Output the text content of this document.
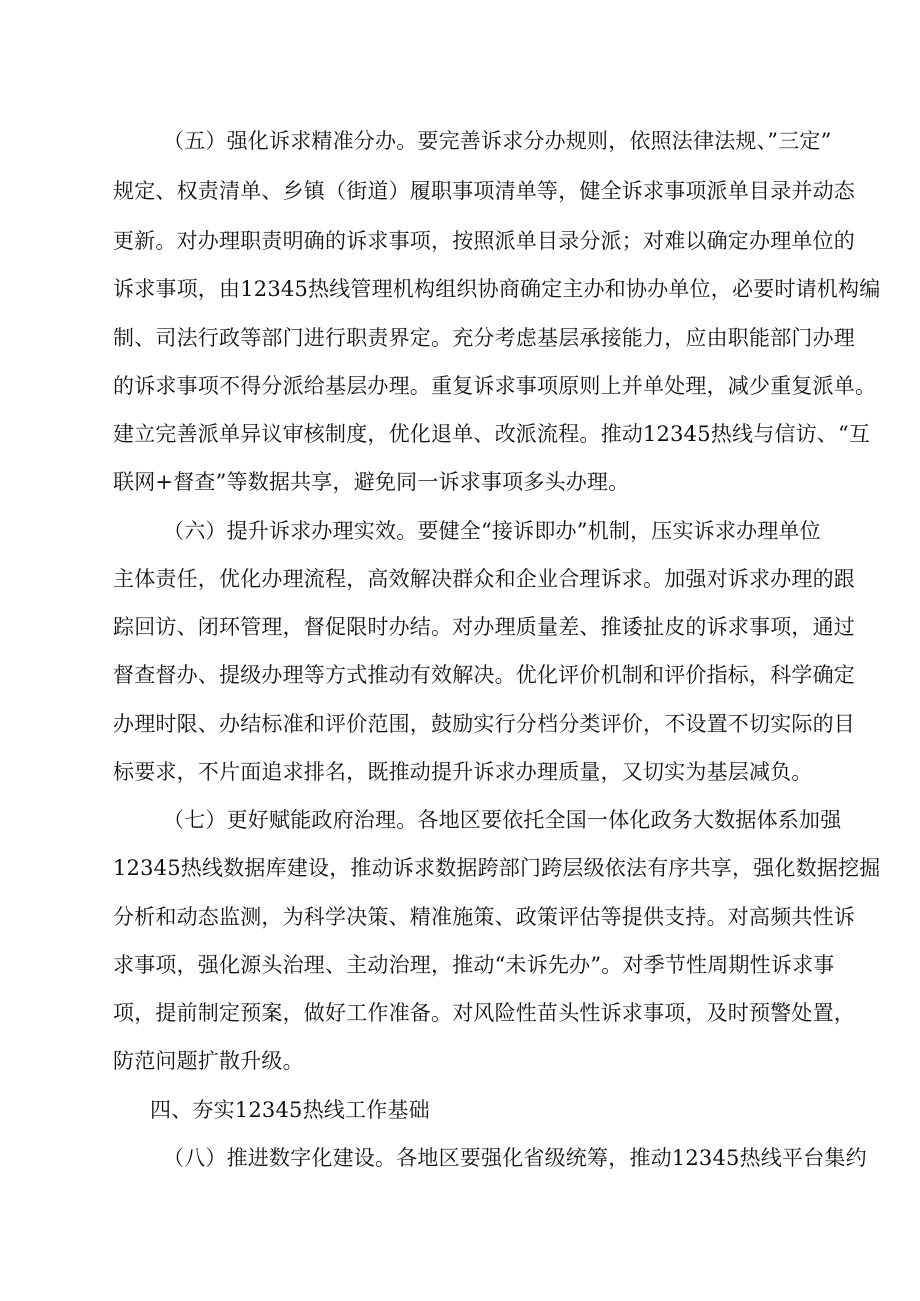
（五）强化诉求精准分办。要完善诉求分办规则，依照法律法规、”三定”
规定、权责清单、乡镇（街道）履职事项清单等，健全诉求事项派单目录并动态
更新。对办理职责明确的诉求事项，按照派单目录分派；对难以确定办理单位的
诉求事项，由12345热线管理机构组织协商确定主办和协办单位，必要时请机构编
制、司法行政等部门进行职责界定。充分考虑基层承接能力，应由职能部门办理
的诉求事项不得分派给基层办理。重复诉求事项原则上并单处理，减少重复派单。
建立完善派单异议审核制度，优化退单、改派流程。推动12345热线与信访、“互
联网+督查”等数据共享，避免同一诉求事项多头办理。
（六）提升诉求办理实效。要健全“接诉即办”机制，压实诉求办理单位
主体责任，优化办理流程，高效解决群众和企业合理诉求。加强对诉求办理的跟
踪回访、闭环管理，督促限时办结。对办理质量差、推诿扯皮的诉求事项，通过
督查督办、提级办理等方式推动有效解决。优化评价机制和评价指标，科学确定
办理时限、办结标准和评价范围，鼓励实行分档分类评价，不设置不切实际的目
标要求，不片面追求排名，既推动提升诉求办理质量，又切实为基层减负。
（七）更好赋能政府治理。各地区要依托全国一体化政务大数据体系加强
12345热线数据库建设，推动诉求数据跨部门跨层级依法有序共享，强化数据挖掘
分析和动态监测，为科学决策、精准施策、政策评估等提供支持。对高频共性诉
求事项，强化源头治理、主动治理，推动“未诉先办”。对季节性周期性诉求事
项，提前制定预案，做好工作准备。对风险性苗头性诉求事项，及时预警处置，
防范问题扩散升级。
四、夯实12345热线工作基础
（八）推进数字化建设。各地区要强化省级统筹，推动12345热线平台集约
